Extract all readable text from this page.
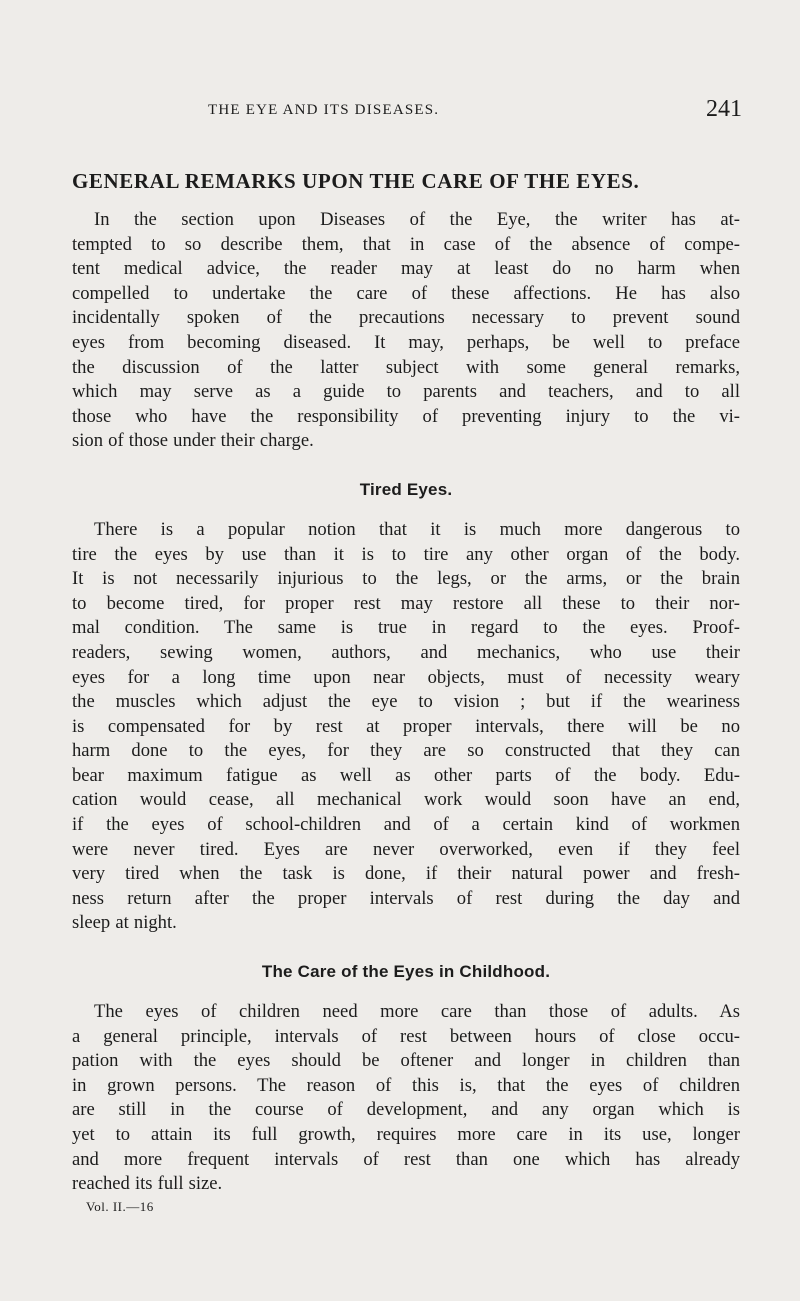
THE EYE AND ITS DISEASES.	241
GENERAL REMARKS UPON THE CARE OF THE EYES.

In the section upon Diseases of the Eye, the writer has at-
tempted to so describe them, that in case of the absence of compe-
tent medical advice, the reader may at least do no harm when
compelled to undertake the care of these affections. He has also
incidentally spoken of the precautions necessary to prevent sound
eyes from becoming diseased. It may, perhaps, be well to preface
the discussion of the latter subject with some general remarks,
which may serve as a guide to parents and teachers, and to all
those who have the responsibility of preventing injury to the vi-
sion of those under their charge.

Tired Eyes.

There is a popular notion that it is much more dangerous to
tire the eyes by use than it is to tire any other organ of the body.
It is not necessarily injurious to the legs, or the arms, or the brain
to become tired, for proper rest may restore all these to their nor-
mal condition. The same is true in regard to the eyes. Proof-
readers, sewing women, authors, and mechanics, who use their
eyes for a long time upon near objects, must of necessity weary
the muscles which adjust the eye to vision ; but if the weariness
is compensated for by rest at proper intervals, there will be no
harm done to the eyes, for they are so constructed that they can
bear maximum fatigue as well as other parts of the body. Edu-
cation would cease, all mechanical work would soon have an end,
if the eyes of school-children and of a certain kind of workmen
were never tired. Eyes are never overworked, even if they feel
very tired when the task is done, if their natural power and fresh-
ness return after the proper intervals of rest during the day and
sleep at night.

The Care of the Eyes in Childhood.

The eyes of children need more care than those of adults. As
a general principle, intervals of rest between hours of close occu-
pation with the eyes should be oftener and longer in children than
in grown persons. The reason of this is, that the eyes of children
are still in the course of development, and any organ which is
yet to attain its full growth, requires more care in its use, longer
and more frequent intervals of rest than one which has already
reached its full size.

Vol. II.—16
